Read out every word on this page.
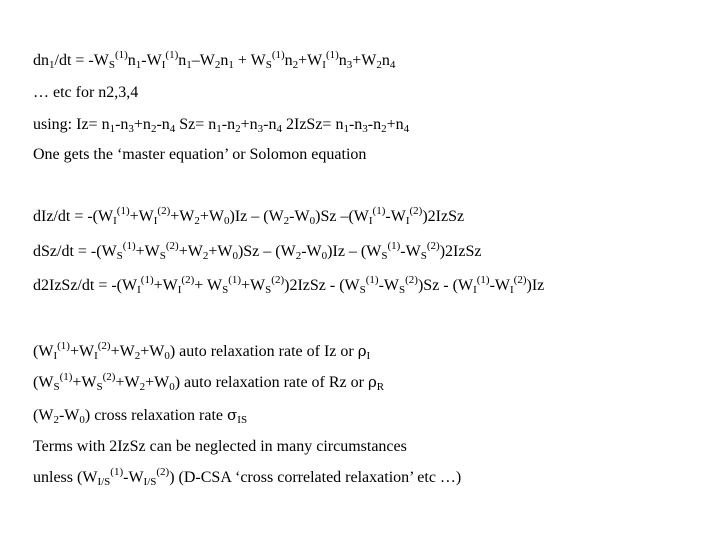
$dn_1/dt = -W_S^{(1)}n_1-W_I^{(1)}n_1-W_2n_1 + W_S^{(1)}n_2+W_I^{(1)}n_3+W_2n_4$
… etc for n2,3,4
using: $Iz= n_1-n_3+n_2-n_4$ $Sz= n_1-n_2+n_3-n_4$ 2IzSz= $n_1-n_3-n_2+n_4$
One gets the ‘master equation’ or Solomon equation
$dIz/dt = -(W_I^{(1)}+W_I^{(2)}+W_2+W_0)Iz - (W_2-W_0)Sz$ $-(W_I^{(1)}-W_I^{(2)})2IzSz$
$dSz/dt = -(W_S^{(1)}+W_S^{(2)}+W_2+W_0)Sz - (W_2-W_0)Iz$ – $(W_S^{(1)}-W_S^{(2)})2IzSz$
d2IzSz/dt = $-(W_I^{(1)}+W_I^{(2)}+$ $W_S^{(1)}+W_S^{(2)})2IzSz - (W_S^{(1)}-W_S^{(2)})Sz - (W_I^{(1)}-W_I^{(2)})Iz$
$(W_I^{(1)}+W_I^{(2)}+W_2+W_0)$ auto relaxation rate of Iz or $\rho_I$
$(W_S^{(1)}+W_S^{(2)}+W_2+W_0)$ auto relaxation rate of Rz or $\rho_R$
$(W_2-W_0)$ cross relaxation rate $\sigma_{IS}$
Terms with 2IzSz can be neglected in many circumstances
unless $(W_{I/S}^{(1)}-W_{I/S}^{(2)})$ (D-CSA ‘cross correlated relaxation’ etc …)
